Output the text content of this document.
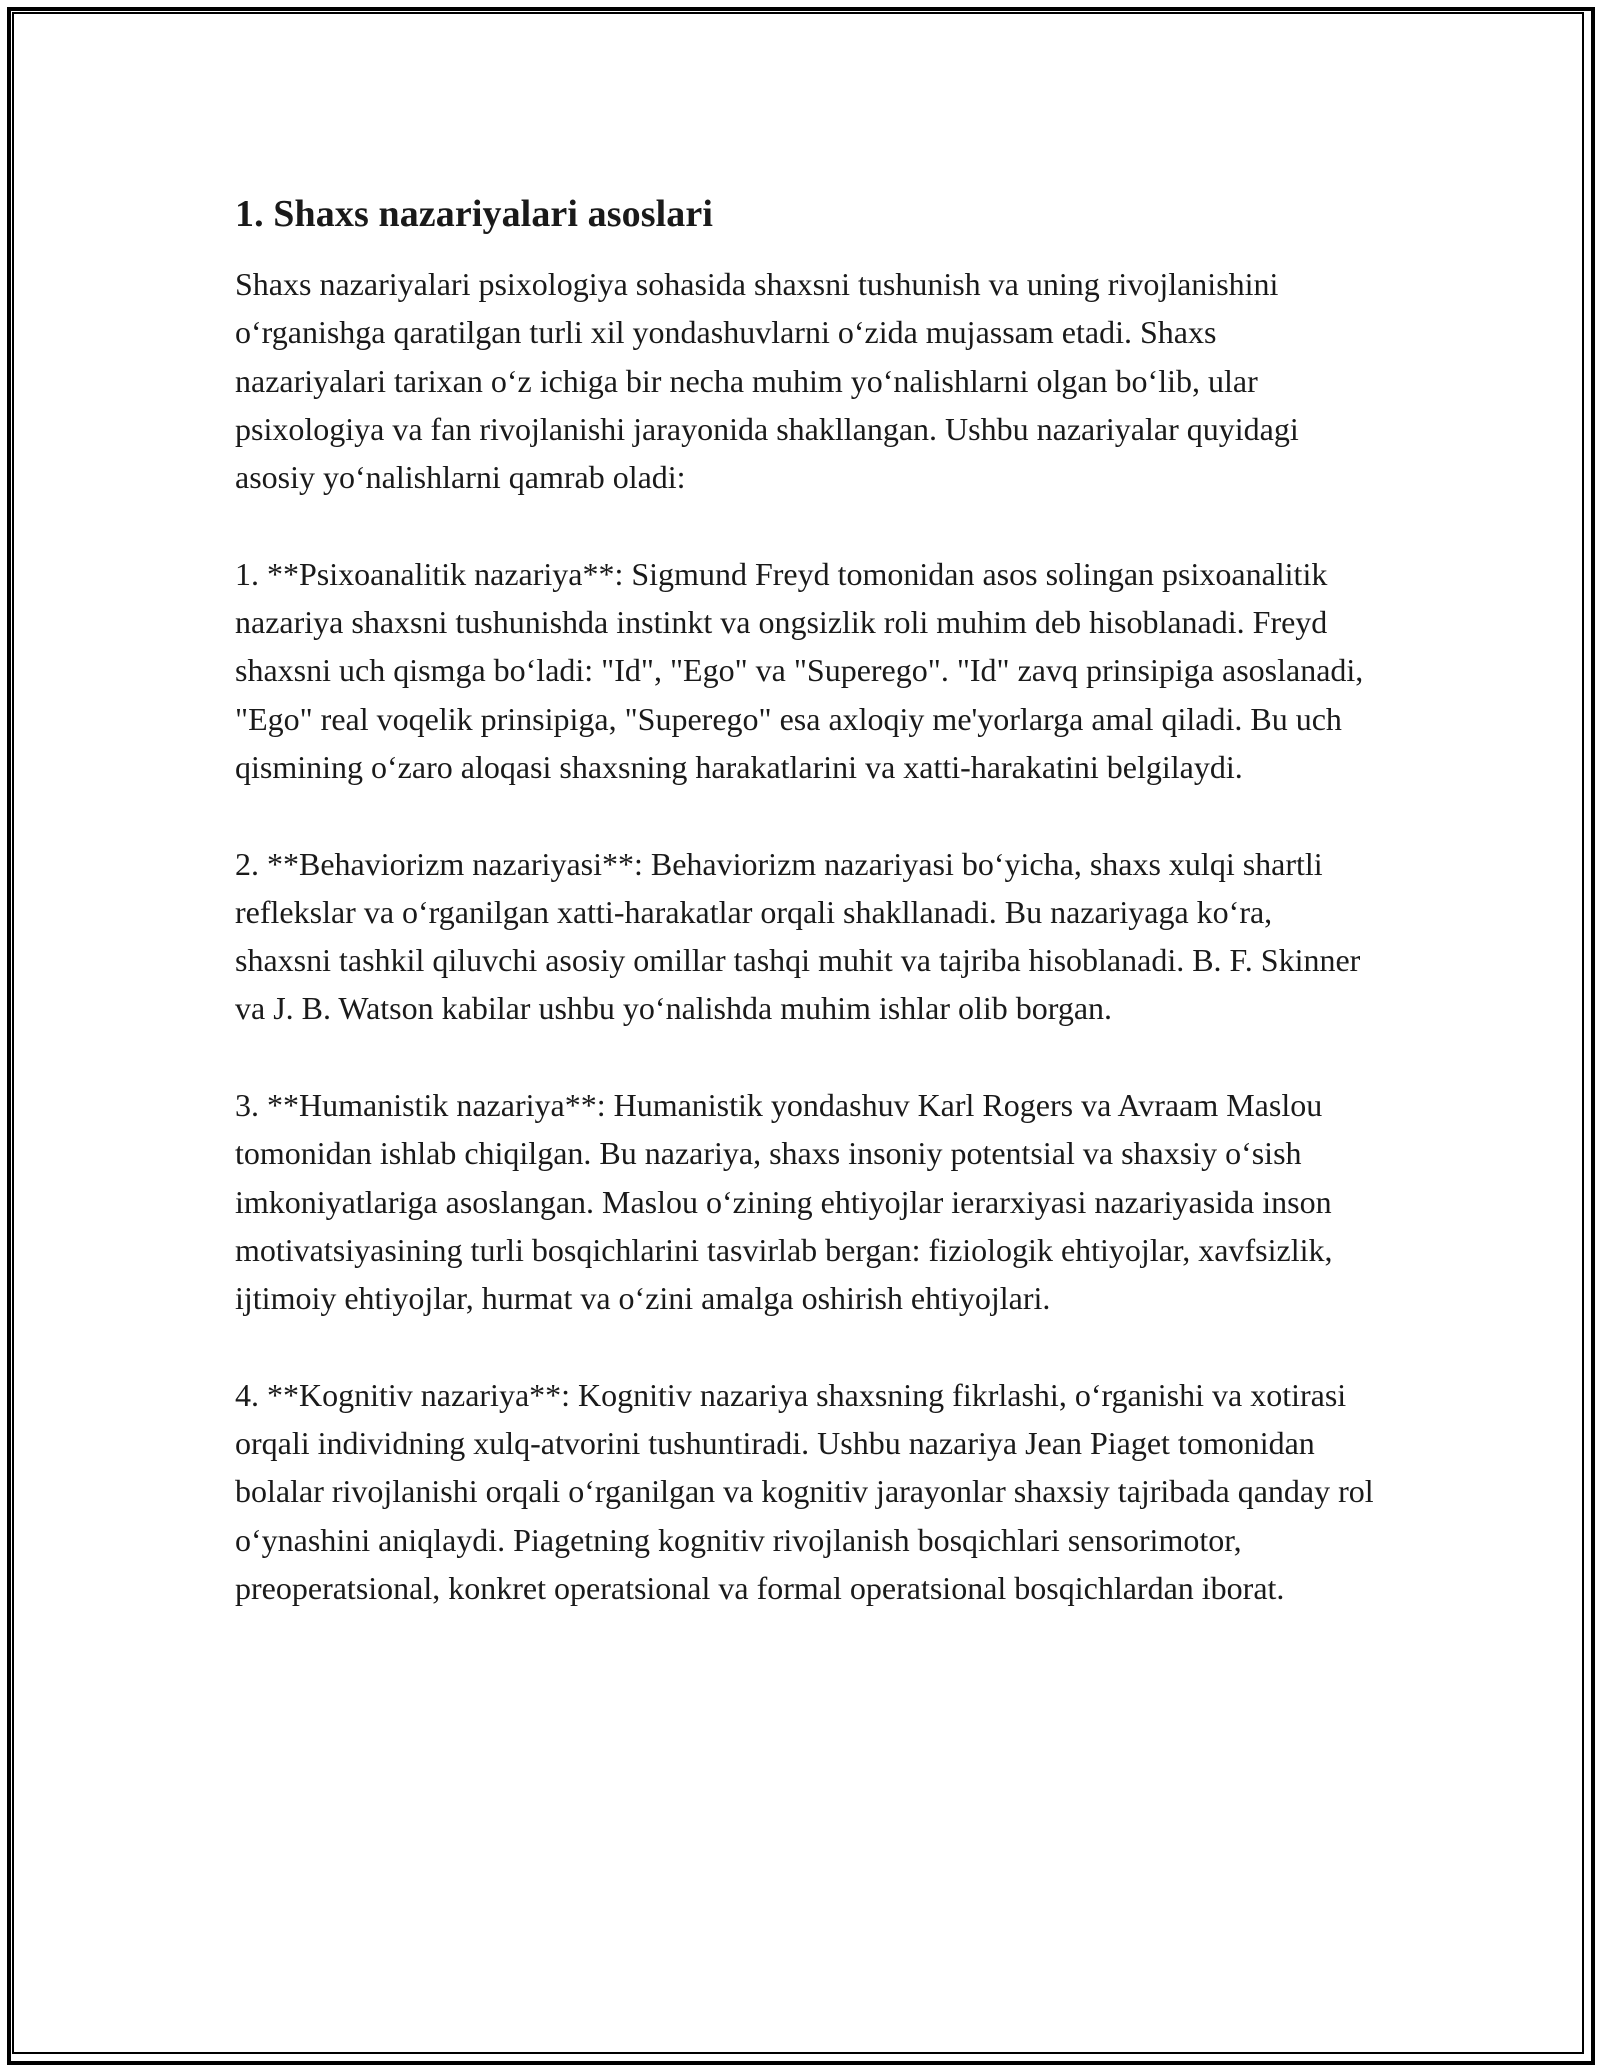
1. Shaxs nazariyalari asoslari

Shaxs nazariyalari psixologiya sohasida shaxsni tushunish va uning rivojlanishini o‘rganishga qaratilgan turli xil yondashuvlarni o‘zida mujassam etadi. Shaxs nazariyalari tarixan o‘z ichiga bir necha muhim yo‘nalishlarni olgan bo‘lib, ular psixologiya va fan rivojlanishi jarayonida shakllangan. Ushbu nazariyalar quyidagi asosiy yo‘nalishlarni qamrab oladi:

1. **Psixoanalitik nazariya**: Sigmund Freyd tomonidan asos solingan psixoanalitik nazariya shaxsni tushunishda instinkt va ongsizlik roli muhim deb hisoblanadi. Freyd shaxsni uch qismga bo‘ladi: "Id", "Ego" va "Superego". "Id" zavq prinsipiga asoslanadi, "Ego" real voqelik prinsipiga, "Superego" esa axloqiy me'yorlarga amal qiladi. Bu uch qismining o‘zaro aloqasi shaxsning harakatlarini va xatti-harakatini belgilaydi.

2. **Behaviorizm nazariyasi**: Behaviorizm nazariyasi bo‘yicha, shaxs xulqi shartli reflekslar va o‘rganilgan xatti-harakatlar orqali shakllanadi. Bu nazariyaga ko‘ra, shaxsni tashkil qiluvchi asosiy omillar tashqi muhit va tajriba hisoblanadi. B. F. Skinner va J. B. Watson kabilar ushbu yo‘nalishda muhim ishlar olib borgan.

3. **Humanistik nazariya**: Humanistik yondashuv Karl Rogers va Avraam Maslou tomonidan ishlab chiqilgan. Bu nazariya, shaxs insoniy potentsial va shaxsiy o‘sish imkoniyatlariga asoslangan. Maslou o‘zining ehtiyojlar ierarxiyasi nazariyasida inson motivatsiyasining turli bosqichlarini tasvirlab bergan: fiziologik ehtiyojlar, xavfsizlik, ijtimoiy ehtiyojlar, hurmat va o‘zini amalga oshirish ehtiyojlari.

4. **Kognitiv nazariya**: Kognitiv nazariya shaxsning fikrlashi, o‘rganishi va xotirasi orqali individning xulq-atvorini tushuntiradi. Ushbu nazariya Jean Piaget tomonidan bolalar rivojlanishi orqali o‘rganilgan va kognitiv jarayonlar shaxsiy tajribada qanday rol o‘ynashini aniqlaydi. Piagetning kognitiv rivojlanish bosqichlari sensorimotor, preoperatsional, konkret operatsional va formal operatsional bosqichlardan iborat.
